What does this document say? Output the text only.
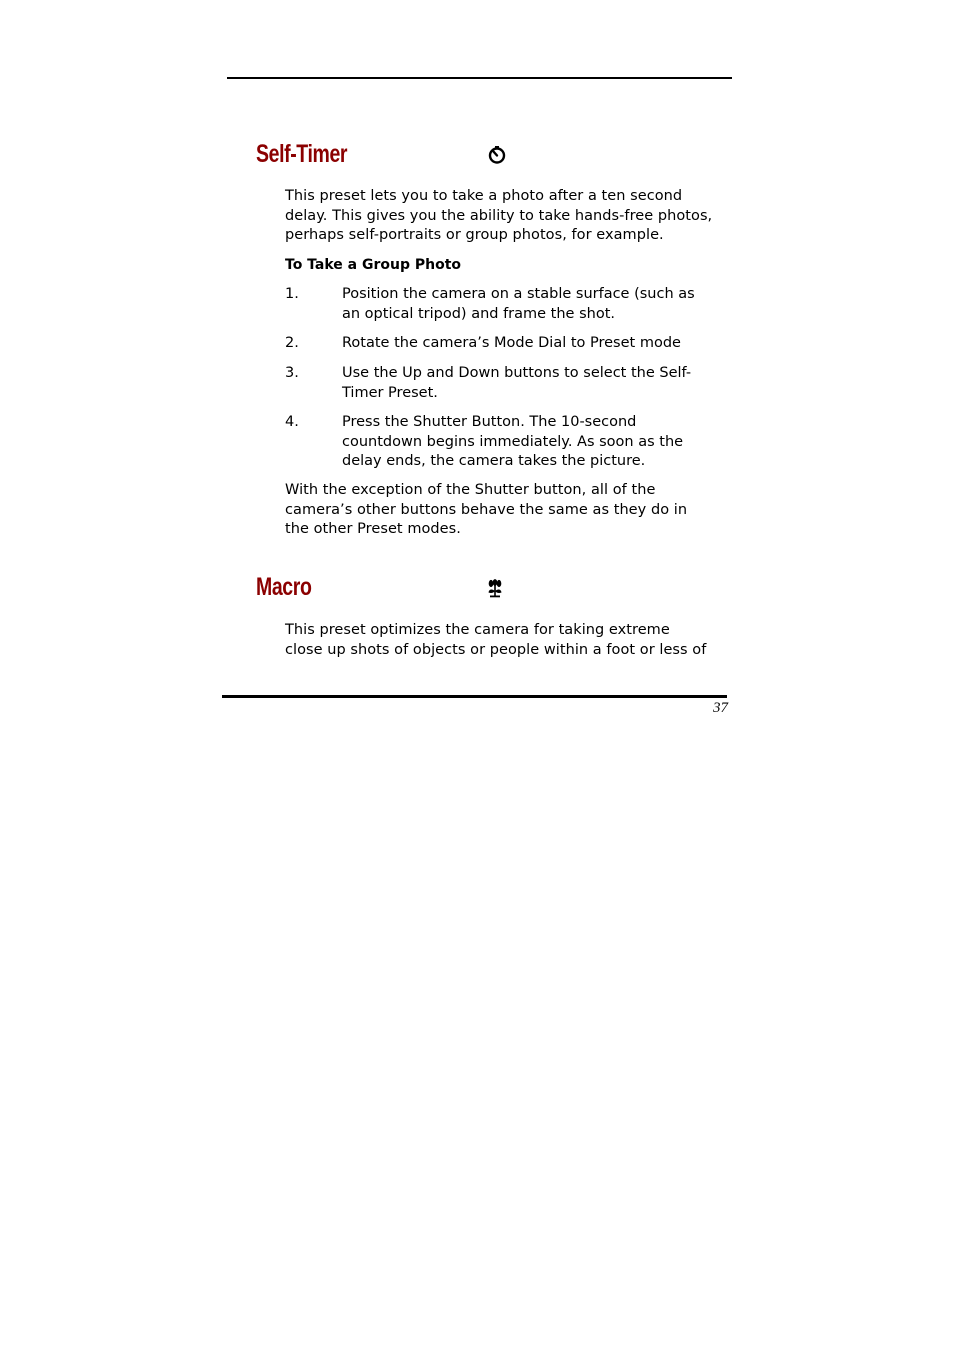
Self-Timer

This preset lets you to take a photo after a ten second
delay. This gives you the ability to take hands-free photos,
perhaps self-portraits or group photos, for example.

To Take a Group Photo
1.	Position the camera on a stable surface (such as
an optical tripod) and frame the shot.
2.	Rotate the camera’s Mode Dial to Preset mode
3.	Use the Up and Down buttons to select the Self-
Timer Preset.
4.	Press the Shutter Button. The 10-second
countdown begins immediately. As soon as the
delay ends, the camera takes the picture.

With the exception of the Shutter button, all of the
camera’s other buttons behave the same as they do in
the other Preset modes.

Macro

This preset optimizes the camera for taking extreme
close up shots of objects or people within a foot or less of

37
